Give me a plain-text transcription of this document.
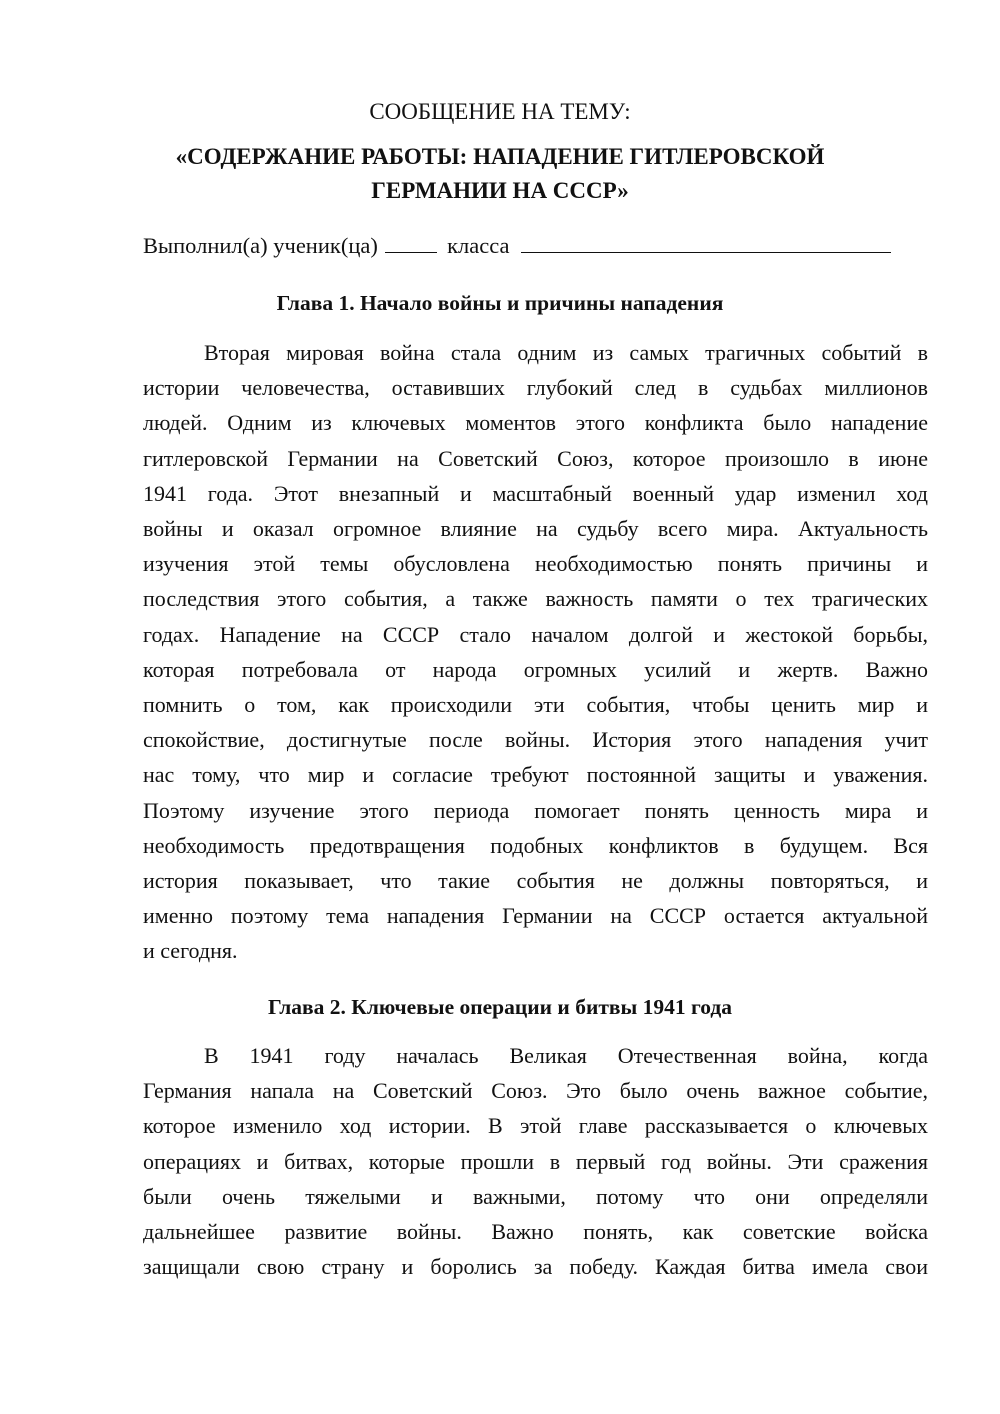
СООБЩЕНИЕ НА ТЕМУ:
«СОДЕРЖАНИЕ РАБОТЫ: НАПАДЕНИЕ ГИТЛЕРОВСКОЙ
ГЕРМАНИИ НА СССР»
Выполнил(а) ученик(ца)	класса
Глава 1. Начало войны и причины нападения
Вторая мировая война стала одним из самых трагичных событий в
истории человечества, оставивших глубокий след в судьбах миллионов
людей. Одним из ключевых моментов этого конфликта было нападение
гитлеровской Германии на Советский Союз, которое произошло в июне
1941 года. Этот внезапный и масштабный военный удар изменил ход
войны и оказал огромное влияние на судьбу всего мира. Актуальность
изучения этой темы обусловлена необходимостью понять причины и
последствия этого события, а также важность памяти о тех трагических
годах. Нападение на СССР стало началом долгой и жестокой борьбы,
которая потребовала от народа огромных усилий и жертв. Важно
помнить о том, как происходили эти события, чтобы ценить мир и
спокойствие, достигнутые после войны. История этого нападения учит
нас тому, что мир и согласие требуют постоянной защиты и уважения.
Поэтому изучение этого периода помогает понять ценность мира и
необходимость предотвращения подобных конфликтов в будущем. Вся
история показывает, что такие события не должны повторяться, и
именно поэтому тема нападения Германии на СССР остается актуальной
и сегодня.
Глава 2. Ключевые операции и битвы 1941 года
В 1941 году началась Великая Отечественная война, когда
Германия напала на Советский Союз. Это было очень важное событие,
которое изменило ход истории. В этой главе рассказывается о ключевых
операциях и битвах, которые прошли в первый год войны. Эти сражения
были очень тяжелыми и важными, потому что они определяли
дальнейшее развитие войны. Важно понять, как советские войска
защищали свою страну и боролись за победу. Каждая битва имела свои
